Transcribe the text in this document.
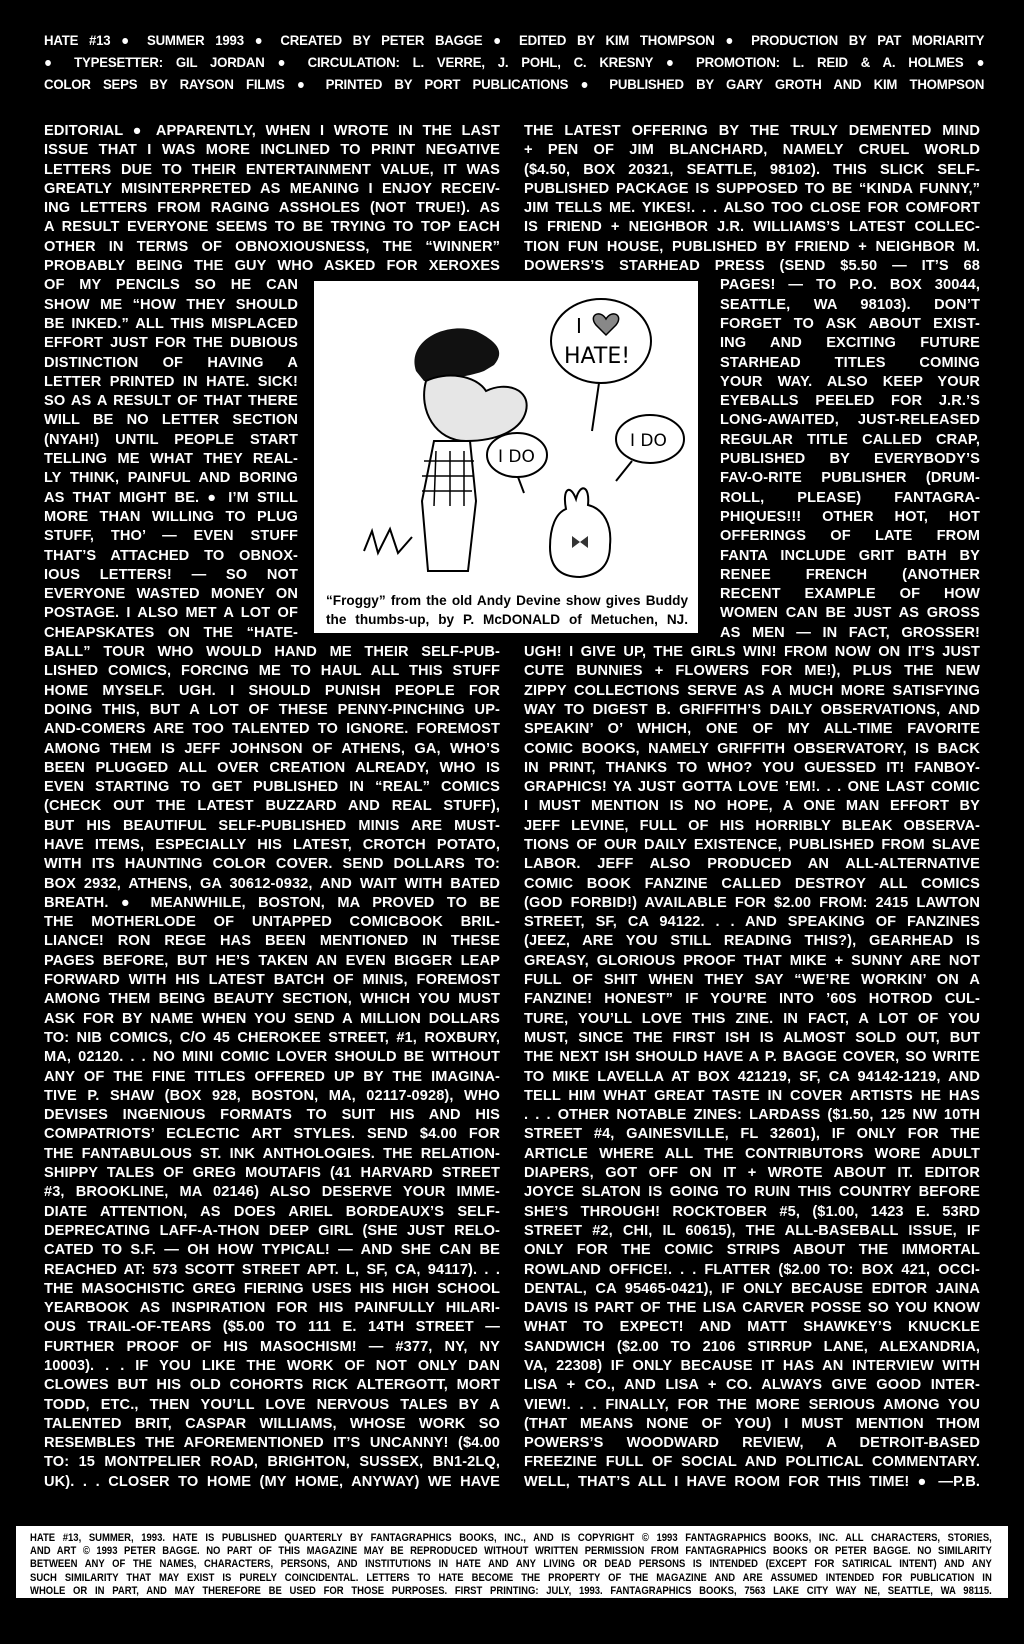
HATE #13 ● SUMMER 1993 ● CREATED BY PETER BAGGE ● EDITED BY KIM THOMPSON ● PRODUCTION BY PAT MORIARITY
● TYPESETTER: GIL JORDAN ● CIRCULATION: L. VERRE, J. POHL, C. KRESNY ● PROMOTION: L. REID & A. HOLMES ●
COLOR SEPS BY RAYSON FILMS ● PRINTED BY PORT PUBLICATIONS ● PUBLISHED BY GARY GROTH AND KIM THOMPSON
EDITORIAL ● APPARENTLY, WHEN I WROTE IN THE LAST
ISSUE THAT I WAS MORE INCLINED TO PRINT NEGATIVE
LETTERS DUE TO THEIR ENTERTAINMENT VALUE, IT WAS
GREATLY MISINTERPRETED AS MEANING I ENJOY RECEIV-
ING LETTERS FROM RAGING ASSHOLES (NOT TRUE!). AS
A RESULT EVERYONE SEEMS TO BE TRYING TO TOP EACH
OTHER IN TERMS OF OBNOXIOUSNESS, THE “WINNER”
PROBABLY BEING THE GUY WHO ASKED FOR XEROXES
OF MY PENCILS SO HE CAN
SHOW ME “HOW THEY SHOULD
BE INKED.” ALL THIS MISPLACED
EFFORT JUST FOR THE DUBIOUS
DISTINCTION OF HAVING A
LETTER PRINTED IN HATE. SICK!
SO AS A RESULT OF THAT THERE
WILL BE NO LETTER SECTION
(NYAH!) UNTIL PEOPLE START
TELLING ME WHAT THEY REAL-
LY THINK, PAINFUL AND BORING
AS THAT MIGHT BE. ● I’M STILL
MORE THAN WILLING TO PLUG
STUFF, THO’ — EVEN STUFF
THAT’S ATTACHED TO OBNOX-
IOUS LETTERS! — SO NOT
EVERYONE WASTED MONEY ON
POSTAGE. I ALSO MET A LOT OF
CHEAPSKATES ON THE “HATE-
BALL” TOUR WHO WOULD HAND ME THEIR SELF-PUB-
LISHED COMICS, FORCING ME TO HAUL ALL THIS STUFF
HOME MYSELF. UGH. I SHOULD PUNISH PEOPLE FOR
DOING THIS, BUT A LOT OF THESE PENNY-PINCHING UP-
AND-COMERS ARE TOO TALENTED TO IGNORE. FOREMOST
AMONG THEM IS JEFF JOHNSON OF ATHENS, GA, WHO’S
BEEN PLUGGED ALL OVER CREATION ALREADY, WHO IS
EVEN STARTING TO GET PUBLISHED IN “REAL” COMICS
(CHECK OUT THE LATEST BUZZARD AND REAL STUFF),
BUT HIS BEAUTIFUL SELF-PUBLISHED MINIS ARE MUST-
HAVE ITEMS, ESPECIALLY HIS LATEST, CROTCH POTATO,
WITH ITS HAUNTING COLOR COVER. SEND DOLLARS TO:
BOX 2932, ATHENS, GA 30612-0932, AND WAIT WITH BATED
BREATH. ● MEANWHILE, BOSTON, MA PROVED TO BE
THE MOTHERLODE OF UNTAPPED COMICBOOK BRIL-
LIANCE! RON REGE HAS BEEN MENTIONED IN THESE
PAGES BEFORE, BUT HE’S TAKEN AN EVEN BIGGER LEAP
FORWARD WITH HIS LATEST BATCH OF MINIS, FOREMOST
AMONG THEM BEING BEAUTY SECTION, WHICH YOU MUST
ASK FOR BY NAME WHEN YOU SEND A MILLION DOLLARS
TO: NIB COMICS, C/O 45 CHEROKEE STREET, #1, ROXBURY,
MA, 02120. . . NO MINI COMIC LOVER SHOULD BE WITHOUT
ANY OF THE FINE TITLES OFFERED UP BY THE IMAGINA-
TIVE P. SHAW (BOX 928, BOSTON, MA, 02117-0928), WHO
DEVISES INGENIOUS FORMATS TO SUIT HIS AND HIS
COMPATRIOTS’ ECLECTIC ART STYLES. SEND $4.00 FOR
THE FANTABULOUS ST. INK ANTHOLOGIES. THE RELATION-
SHIPPY TALES OF GREG MOUTAFIS (41 HARVARD STREET
#3, BROOKLINE, MA 02146) ALSO DESERVE YOUR IMME-
DIATE ATTENTION, AS DOES ARIEL BORDEAUX’S SELF-
DEPRECATING LAFF-A-THON DEEP GIRL (SHE JUST RELO-
CATED TO S.F. — OH HOW TYPICAL! — AND SHE CAN BE
REACHED AT: 573 SCOTT STREET APT. L, SF, CA, 94117). . .
THE MASOCHISTIC GREG FIERING USES HIS HIGH SCHOOL
YEARBOOK AS INSPIRATION FOR HIS PAINFULLY HILARI-
OUS TRAIL-OF-TEARS ($5.00 TO 111 E. 14TH STREET —
FURTHER PROOF OF HIS MASOCHISM! — #377, NY, NY
10003). . . IF YOU LIKE THE WORK OF NOT ONLY DAN
CLOWES BUT HIS OLD COHORTS RICK ALTERGOTT, MORT
TODD, ETC., THEN YOU’LL LOVE NERVOUS TALES BY A
TALENTED BRIT, CASPAR WILLIAMS, WHOSE WORK SO
RESEMBLES THE AFOREMENTIONED IT’S UNCANNY! ($4.00
TO: 15 MONTPELIER ROAD, BRIGHTON, SUSSEX, BN1-2LQ,
UK). . . CLOSER TO HOME (MY HOME, ANYWAY) WE HAVE
THE LATEST OFFERING BY THE TRULY DEMENTED MIND
+ PEN OF JIM BLANCHARD, NAMELY CRUEL WORLD
($4.50, BOX 20321, SEATTLE, 98102). THIS SLICK SELF-
PUBLISHED PACKAGE IS SUPPOSED TO BE “KINDA FUNNY,”
JIM TELLS ME. YIKES!. . . ALSO TOO CLOSE FOR COMFORT
IS FRIEND + NEIGHBOR J.R. WILLIAMS’S LATEST COLLEC-
TION FUN HOUSE, PUBLISHED BY FRIEND + NEIGHBOR M.
DOWERS’S STARHEAD PRESS (SEND $5.50 — IT’S 68
PAGES! — TO P.O. BOX 30044,
SEATTLE, WA 98103). DON’T
FORGET TO ASK ABOUT EXIST-
ING AND EXCITING FUTURE
STARHEAD TITLES COMING
YOUR WAY. ALSO KEEP YOUR
EYEBALLS PEELED FOR J.R.’S
LONG-AWAITED, JUST-RELEASED
REGULAR TITLE CALLED CRAP,
PUBLISHED BY EVERYBODY’S
FAV-O-RITE PUBLISHER (DRUM-
ROLL, PLEASE) FANTAGRA-
PHIQUES!!! OTHER HOT, HOT
OFFERINGS OF LATE FROM
FANTA INCLUDE GRIT BATH BY
RENEE FRENCH (ANOTHER
RECENT EXAMPLE OF HOW
WOMEN CAN BE JUST AS GROSS
AS MEN — IN FACT, GROSSER!
UGH! I GIVE UP, THE GIRLS WIN! FROM NOW ON IT’S JUST
CUTE BUNNIES + FLOWERS FOR ME!), PLUS THE NEW
ZIPPY COLLECTIONS SERVE AS A MUCH MORE SATISFYING
WAY TO DIGEST B. GRIFFITH’S DAILY OBSERVATIONS, AND
SPEAKIN’ O’ WHICH, ONE OF MY ALL-TIME FAVORITE
COMIC BOOKS, NAMELY GRIFFITH OBSERVATORY, IS BACK
IN PRINT, THANKS TO WHO? YOU GUESSED IT! FANBOY-
GRAPHICS! YA JUST GOTTA LOVE ’EM!. . . ONE LAST COMIC
I MUST MENTION IS NO HOPE, A ONE MAN EFFORT BY
JEFF LEVINE, FULL OF HIS HORRIBLY BLEAK OBSERVA-
TIONS OF OUR DAILY EXISTENCE, PUBLISHED FROM SLAVE
LABOR. JEFF ALSO PRODUCED AN ALL-ALTERNATIVE
COMIC BOOK FANZINE CALLED DESTROY ALL COMICS
(GOD FORBID!) AVAILABLE FOR $2.00 FROM: 2415 LAWTON
STREET, SF, CA 94122. . . AND SPEAKING OF FANZINES
(JEEZ, ARE YOU STILL READING THIS?), GEARHEAD IS
GREASY, GLORIOUS PROOF THAT MIKE + SUNNY ARE NOT
FULL OF SHIT WHEN THEY SAY “WE’RE WORKIN’ ON A
FANZINE! HONEST” IF YOU’RE INTO ’60S HOTROD CUL-
TURE, YOU’LL LOVE THIS ZINE. IN FACT, A LOT OF YOU
MUST, SINCE THE FIRST ISH IS ALMOST SOLD OUT, BUT
THE NEXT ISH SHOULD HAVE A P. BAGGE COVER, SO WRITE
TO MIKE LAVELLA AT BOX 421219, SF, CA 94142-1219, AND
TELL HIM WHAT GREAT TASTE IN COVER ARTISTS HE HAS
. . . OTHER NOTABLE ZINES: LARDASS ($1.50, 125 NW 10TH
STREET #4, GAINESVILLE, FL 32601), IF ONLY FOR THE
ARTICLE WHERE ALL THE CONTRIBUTORS WORE ADULT
DIAPERS, GOT OFF ON IT + WROTE ABOUT IT. EDITOR
JOYCE SLATON IS GOING TO RUIN THIS COUNTRY BEFORE
SHE’S THROUGH! ROCKTOBER #5, ($1.00, 1423 E. 53RD
STREET #2, CHI, IL 60615), THE ALL-BASEBALL ISSUE, IF
ONLY FOR THE COMIC STRIPS ABOUT THE IMMORTAL
ROWLAND OFFICE!. . . FLATTER ($2.00 TO: BOX 421, OCCI-
DENTAL, CA 95465-0421), IF ONLY BECAUSE EDITOR JAINA
DAVIS IS PART OF THE LISA CARVER POSSE SO YOU KNOW
WHAT TO EXPECT! AND MATT SHAWKEY’S KNUCKLE
SANDWICH ($2.00 TO 2106 STIRRUP LANE, ALEXANDRIA,
VA, 22308) IF ONLY BECAUSE IT HAS AN INTERVIEW WITH
LISA + CO., AND LISA + CO. ALWAYS GIVE GOOD INTER-
VIEW!. . . FINALLY, FOR THE MORE SERIOUS AMONG YOU
(THAT MEANS NONE OF YOU) I MUST MENTION THOM
POWERS’S WOODWARD REVIEW, A DETROIT-BASED
FREEZINE FULL OF SOCIAL AND POLITICAL COMMENTARY.
WELL, THAT’S ALL I HAVE ROOM FOR THIS TIME! ● —P.B.
I
HATE!
I DO
I DO
“Froggy” from the old Andy Devine show gives Buddy
the thumbs-up, by P. McDONALD of Metuchen, NJ.
HATE #13, SUMMER, 1993. HATE IS PUBLISHED QUARTERLY BY FANTAGRAPHICS BOOKS, INC., AND IS COPYRIGHT © 1993 FANTAGRAPHICS BOOKS, INC. ALL CHARACTERS, STORIES,
AND ART © 1993 PETER BAGGE. NO PART OF THIS MAGAZINE MAY BE REPRODUCED WITHOUT WRITTEN PERMISSION FROM FANTAGRAPHICS BOOKS OR PETER BAGGE. NO SIMILARITY
BETWEEN ANY OF THE NAMES, CHARACTERS, PERSONS, AND INSTITUTIONS IN HATE AND ANY LIVING OR DEAD PERSONS IS INTENDED (EXCEPT FOR SATIRICAL INTENT) AND ANY
SUCH SIMILARITY THAT MAY EXIST IS PURELY COINCIDENTAL. LETTERS TO HATE BECOME THE PROPERTY OF THE MAGAZINE AND ARE ASSUMED INTENDED FOR PUBLICATION IN
WHOLE OR IN PART, AND MAY THEREFORE BE USED FOR THOSE PURPOSES. FIRST PRINTING: JULY, 1993. FANTAGRAPHICS BOOKS, 7563 LAKE CITY WAY NE, SEATTLE, WA 98115.
